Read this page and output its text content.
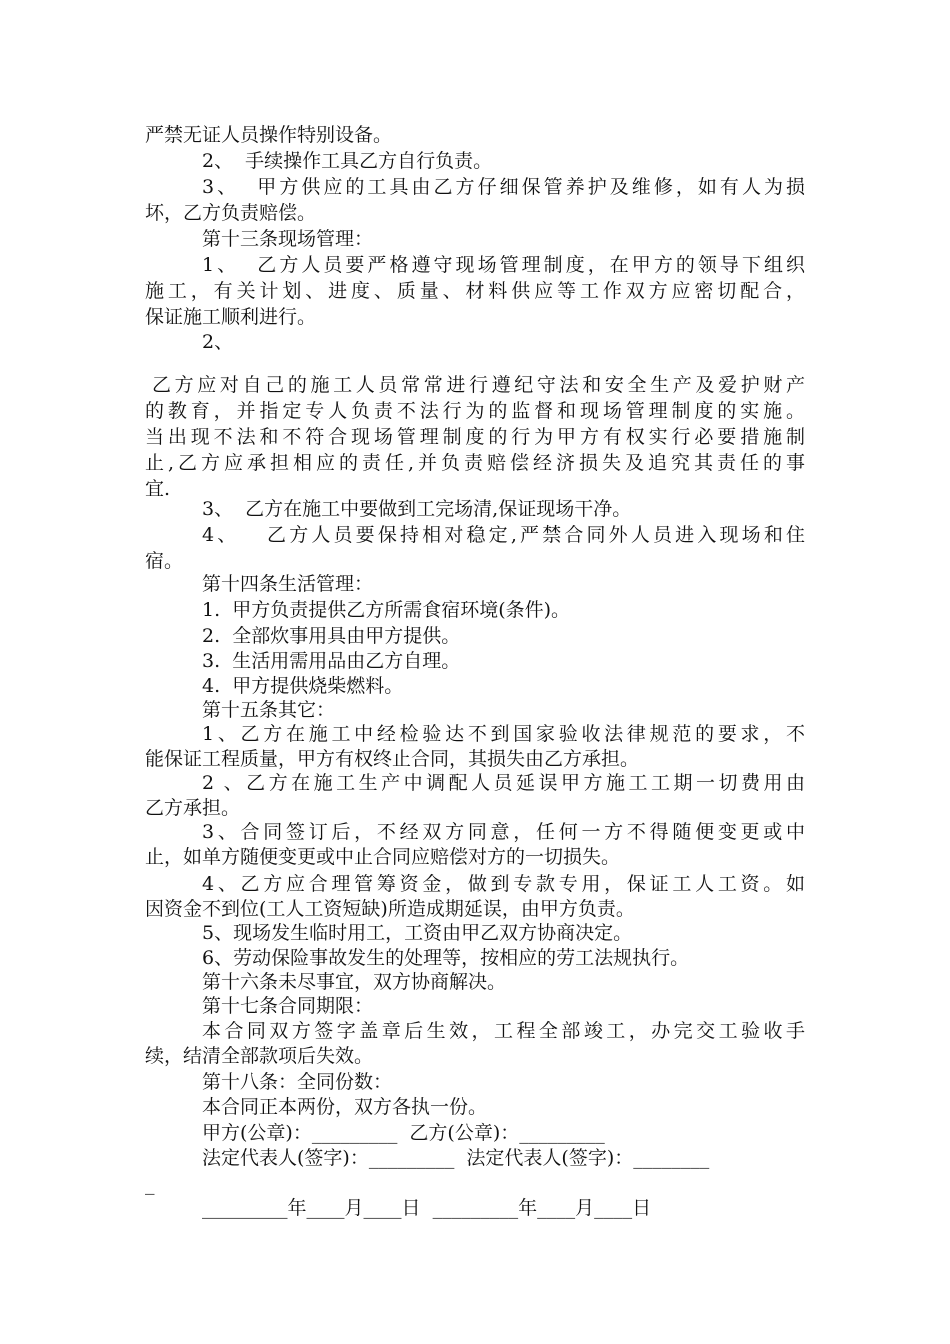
严禁无证人员操作特别设备。
2、  手续操作工具乙方自行负责。
3、  甲方供应的工具由乙方仔细保管养护及维修，如有人为损
坏，乙方负责赔偿。
第十三条现场管理：
1、  乙方人员要严格遵守现场管理制度，在甲方的领导下组织
施工，有关计划、进度、质量、材料供应等工作双方应密切配合，
保证施工顺利进行。
2、
乙方应对自己的施工人员常常进行遵纪守法和安全生产及爱护财产
的教育，并指定专人负责不法行为的监督和现场管理制度的实施。
当出现不法和不符合现场管理制度的行为甲方有权实行必要措施制
止,乙方应承担相应的责任,并负责赔偿经济损失及追究其责任的事
宜.
3、  乙方在施工中要做到工完场清,保证现场干净。
4、   乙方人员要保持相对稳定,严禁合同外人员进入现场和住
宿。
第十四条生活管理：
1.  甲方负责提供乙方所需食宿环境(条件)。
2.  全部炊事用具由甲方提供。
3.  生活用需用品由乙方自理。
4.  甲方提供烧柴燃料。
第十五条其它：
1、乙方在施工中经检验达不到国家验收法律规范的要求，不
能保证工程质量，甲方有权终止合同，其损失由乙方承担。
2 、乙方在施工生产中调配人员延误甲方施工工期一切费用由
乙方承担。
3、合同签订后，不经双方同意，任何一方不得随便变更或中
止，如单方随便变更或中止合同应赔偿对方的一切损失。
4、乙方应合理管筹资金，做到专款专用，保证工人工资。如
因资金不到位(工人工资短缺)所造成期延误，由甲方负责。
5、现场发生临时用工，工资由甲乙双方协商决定。
6、劳动保险事故发生的处理等，按相应的劳工法规执行。
第十六条未尽事宜，双方协商解决。
第十七条合同期限：
本合同双方签字盖章后生效，工程全部竣工，办完交工验收手
续，结清全部款项后失效。
第十八条：全同份数：
本合同正本两份，双方各执一份。
甲方(公章)：_________  乙方(公章)：_________
法定代表人(签字)：_________  法定代表人(签字)：________
_
_________年____月____日  _________年____月____日
